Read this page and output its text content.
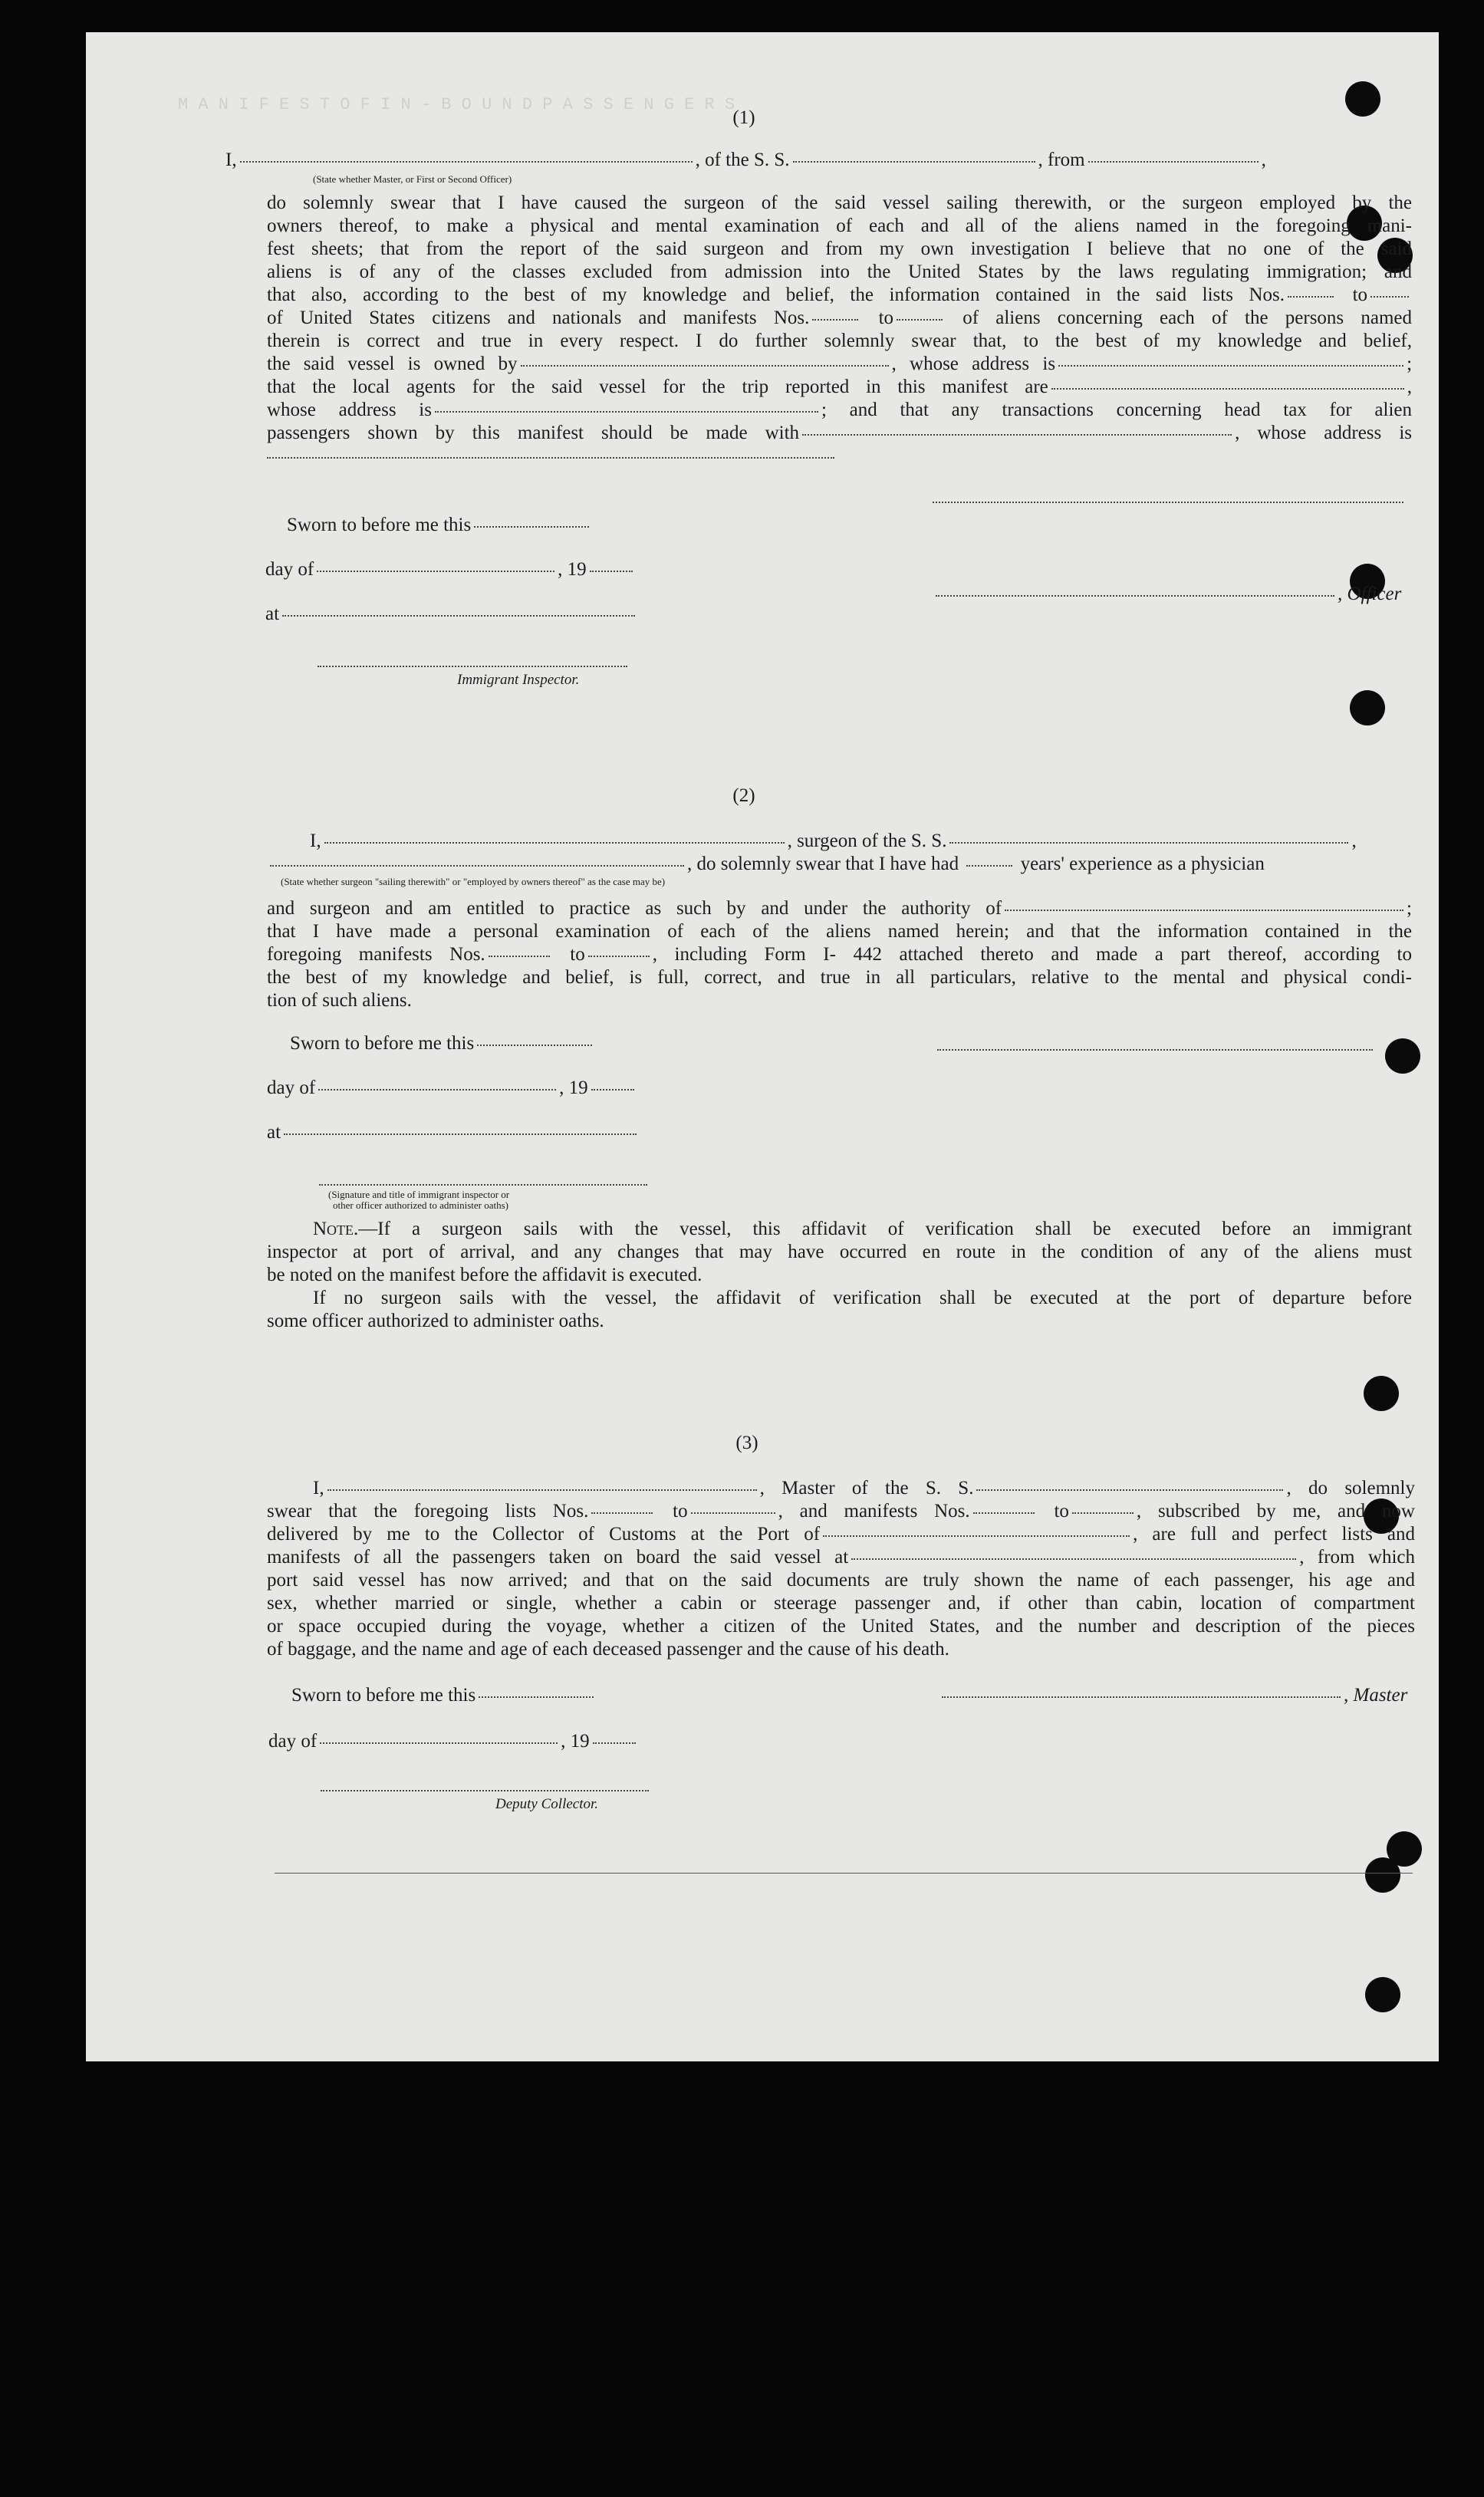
M A N I F E S T O F I N - B O U N D P A S S E N G E R S
(1)
I,	, of the S. S.	, from	,
(State whether Master, or First or Second Officer)
do solemnly swear that I have caused the surgeon of the said vessel sailing therewith, or the surgeon employed by the
owners thereof, to make a physical and mental examination of each and all of the aliens named in the foregoing mani-
fest sheets; that from the report of the said surgeon and from my own investigation I believe that no one of the said
aliens is of any of the classes excluded from admission into the United States by the laws regulating immigration; and
that also, according to the best of my knowledge and belief, the information contained in the said lists Nos.	to
of United States citizens and nationals and manifests Nos.	to	of aliens concerning each of the persons named
therein is correct and true in every respect. I do further solemnly swear that, to the best of my knowledge and belief,
the said vessel is owned by	, whose address is	;
that the local agents for the said vessel for the trip reported in this manifest are	,
whose address is	; and that any transactions concerning head tax for alien
passengers shown by this manifest should be made with	, whose address is
Sworn to before me this
day of	, 19
, Officer
at
Immigrant Inspector.
(2)
I,	, surgeon of the S. S.	,
, do solemnly swear that I have had	years' experience as a physician
(State whether surgeon "sailing therewith" or "employed by owners thereof" as the case may be)
and surgeon and am entitled to practice as such by and under the authority of	;
that I have made a personal examination of each of the aliens named herein; and that the information contained in the
foregoing manifests Nos.	to	, including Form I- 442 attached thereto and made a part thereof, according to
the best of my knowledge and belief, is full, correct, and true in all particulars, relative to the mental and physical condi-
tion of such aliens.
Sworn to before me this
day of	, 19
at
(Signature and title of immigrant inspector or
other officer authorized to administer oaths)
Note.—If a surgeon sails with the vessel, this affidavit of verification shall be executed before an immigrant
inspector at port of arrival, and any changes that may have occurred en route in the condition of any of the aliens must
be noted on the manifest before the affidavit is executed.
If no surgeon sails with the vessel, the affidavit of verification shall be executed at the port of departure before
some officer authorized to administer oaths.
(3)
I,	, Master of the S. S.	, do solemnly
swear that the foregoing lists Nos.	to	, and manifests Nos.	to	, subscribed by me, and now
delivered by me to the Collector of Customs at the Port of	, are full and perfect lists and
manifests of all the passengers taken on board the said vessel at	, from which
port said vessel has now arrived; and that on the said documents are truly shown the name of each passenger, his age and
sex, whether married or single, whether a cabin or steerage passenger and, if other than cabin, location of compartment
or space occupied during the voyage, whether a citizen of the United States, and the number and description of the pieces
of baggage, and the name and age of each deceased passenger and the cause of his death.
Sworn to before me this	, Master
day of	, 19
Deputy Collector.
